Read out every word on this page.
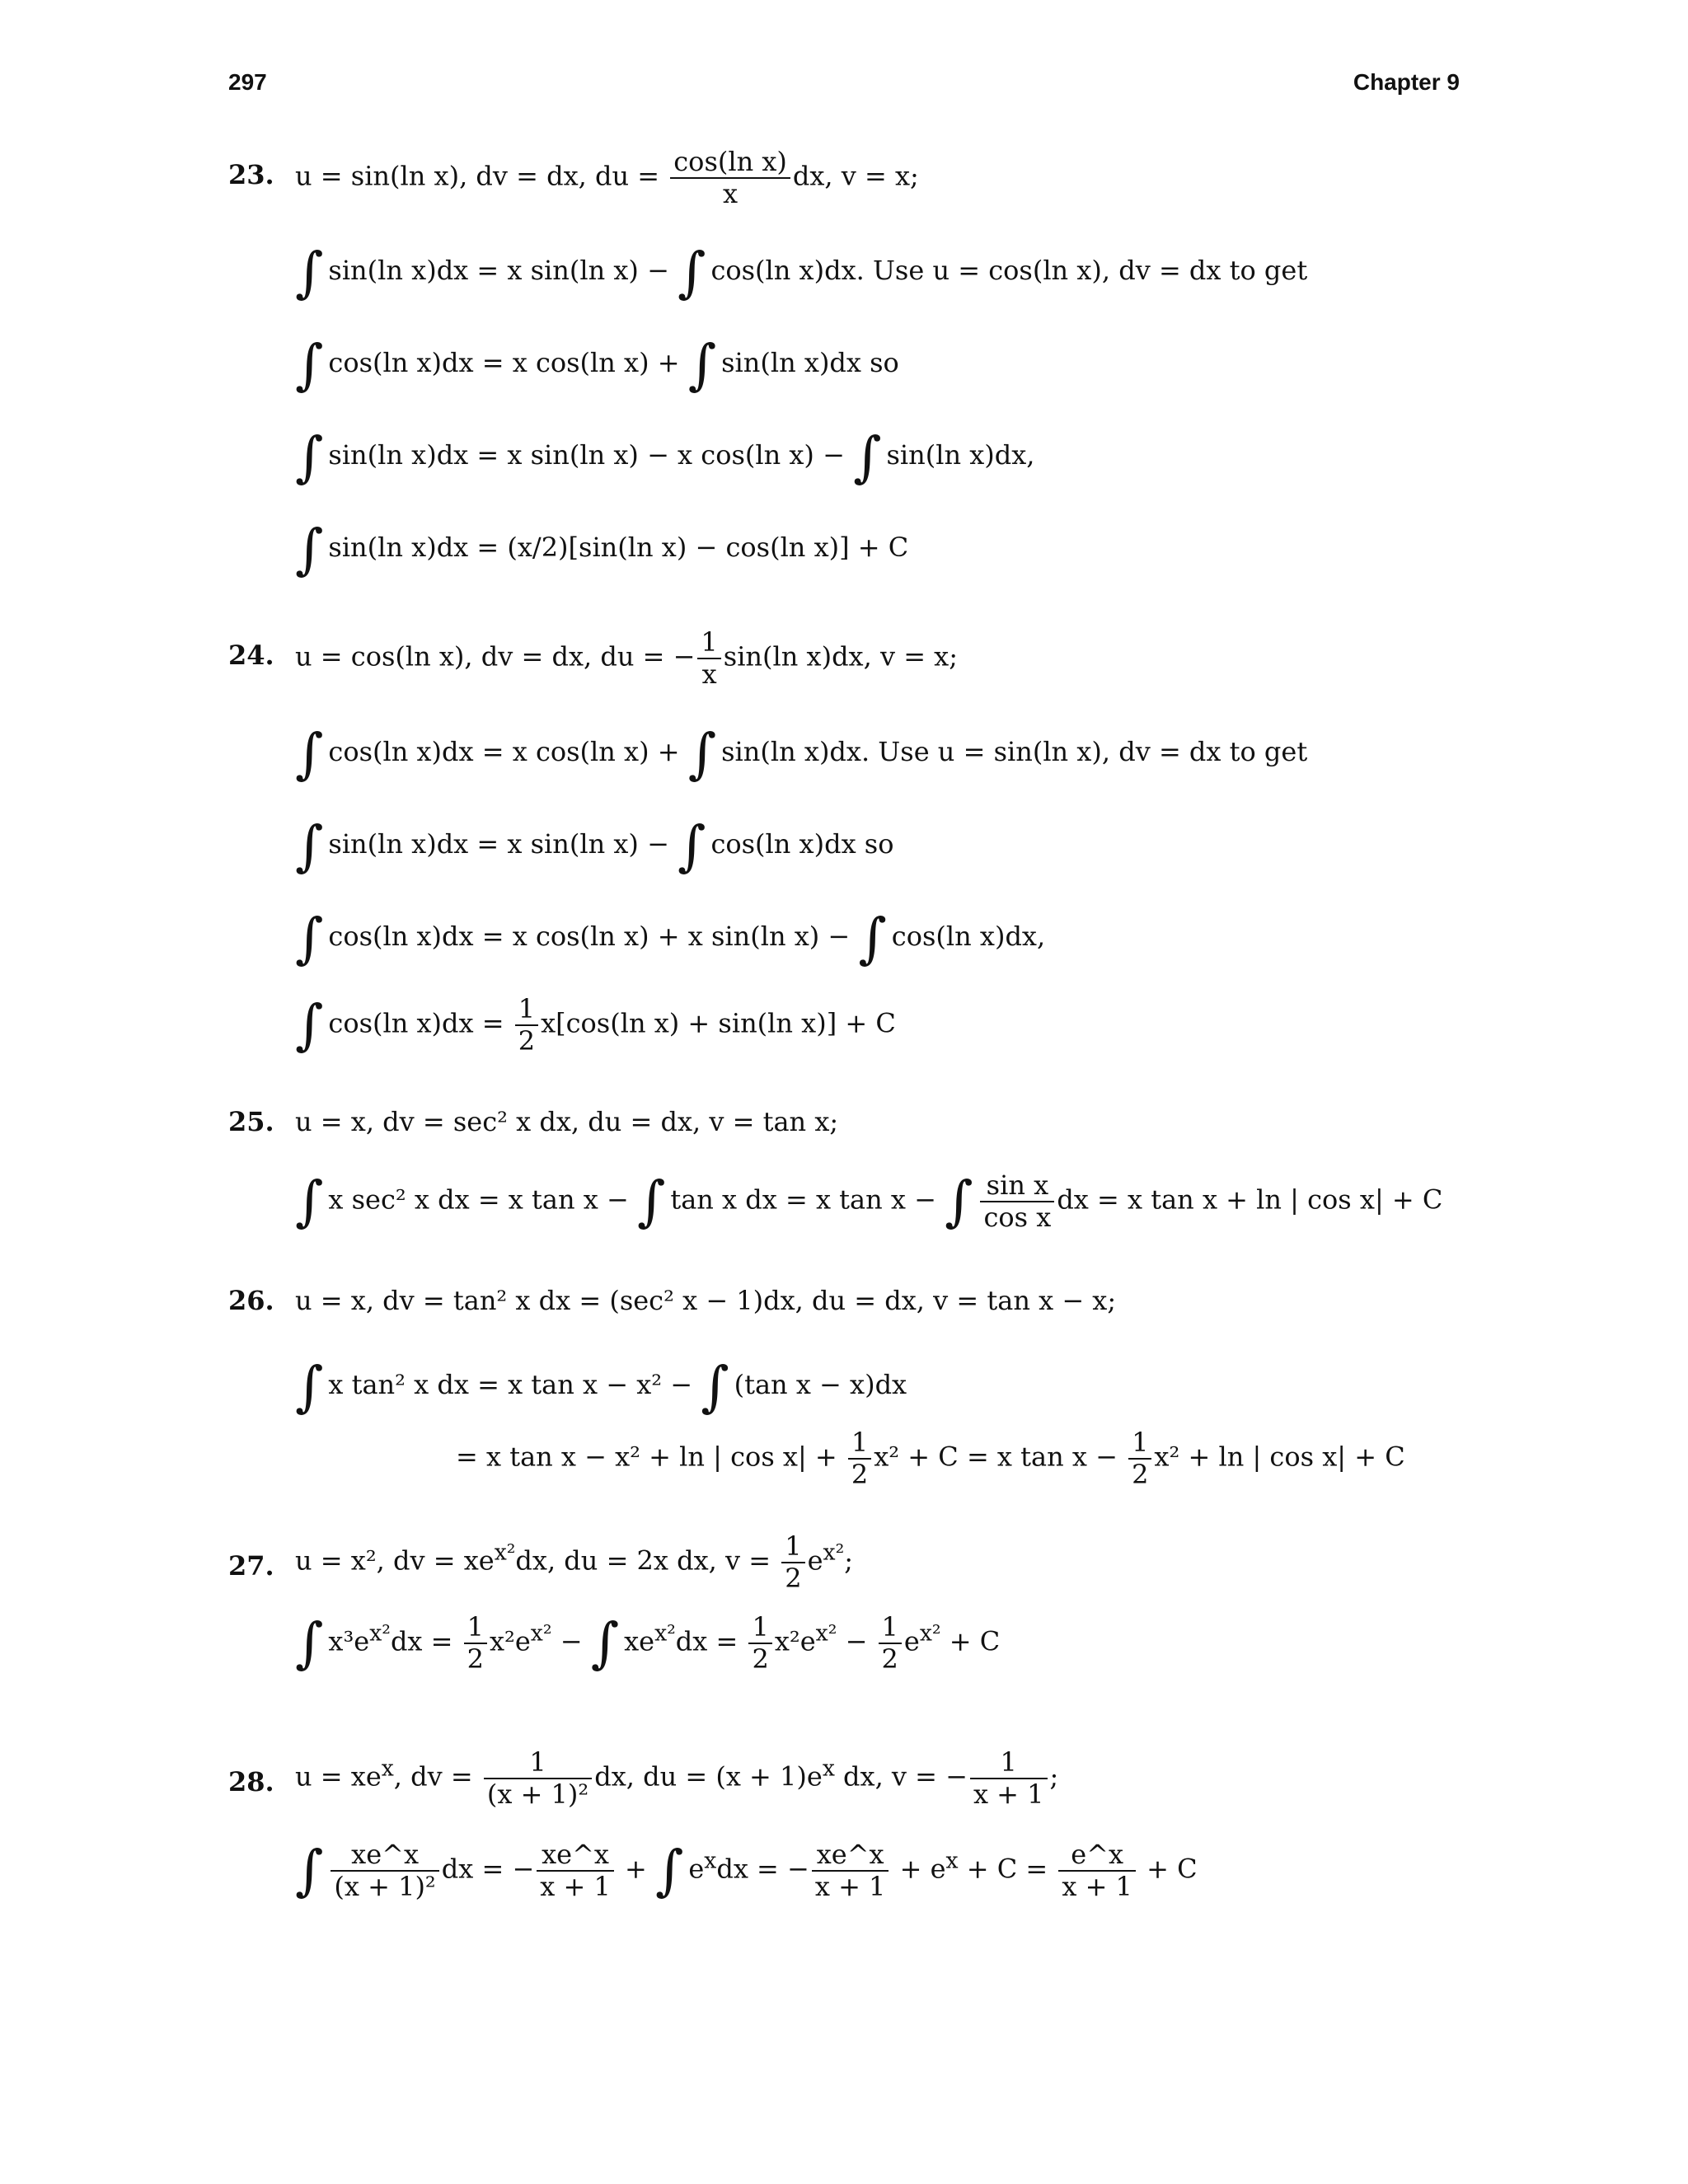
297	Chapter 9
23. u = sin(ln x), dv = dx, du = $\frac{\text{cos(ln x)}}{x}$ dx, v = x;
∫ sin(ln x)dx = x sin(ln x) − ∫ cos(ln x)dx. Use u = cos(ln x), dv = dx to get
∫ cos(ln x)dx = x cos(ln x) + ∫ sin(ln x)dx so
∫ sin(ln x)dx = x sin(ln x) − x cos(ln x) − ∫ sin(ln x)dx,
∫ sin(ln x)dx = (x/2)[sin(ln x) − cos(ln x)] + C
24. u = cos(ln x), dv = dx, du = − $\frac{1}{x} \sin(\ln$ x)dx, v = x;
∫ cos(ln x)dx = x cos(ln x) + ∫ sin(ln x)dx. Use u = sin(ln x), dv = dx to get
∫ sin(ln x)dx = x sin(ln x) − ∫ cos(ln x)dx so
∫ cos(ln x)dx = x cos(ln x) + x sin(ln x) − ∫ cos(ln x)dx,
∫ cos(ln $x)dx = \frac{1}{2} x[\cos(\ln$ x) + sin(ln x)] + C
25. u = x, dv = sec² x dx, du = dx, v = tan x;
∫ x sec² x dx = x tan x − ∫ tan x dx = x tan x − ∫ $\frac{\text{sin x}}{\text{cos x}}$ dx = x tan x + ln | cos x| + C
26. u = x, dv = tan² x dx = (sec² x − 1)dx, du = dx, v = tan x − x;
∫ x tan² x dx = x tan x − x² − ∫ (tan x − x)dx
= x tan x − x² + ln | $\cos x| + \frac{1}{2} x^2 + C = x$ $\tan x - \frac{1}{2} x^2 + \ln$ | cos x| + C
27. u = x², dv = $xe^{x^2}dx$, du = 2x dx, $v = \frac{1}{2} e^{x^2}$;
∫ $x^3e^{x^2}dx = \frac{1}{2} x^2e^{x^2}$ − ∫ $xe^{x^2}dx = \frac{1}{2} x^2e^{x^2} - \frac{1}{2} e^{x^2} + C$
28. $u = xe^x$, dv = $\frac{1}{\text{(x + 1)²}}$ dx, du = $(x + 1)e^x$ dx, v = − $\frac{1}{x + 1}$ ;
∫ $\frac{xe\^{}x}{\text{(x + 1)²}}$ dx = − $\frac{xe\^{}x}{x + 1}$ + ∫ $e^xdx$ = − $\frac{xe\^{}x}{x + 1} + e^x + C = \frac{e\^{}x}{x + 1} + C$
